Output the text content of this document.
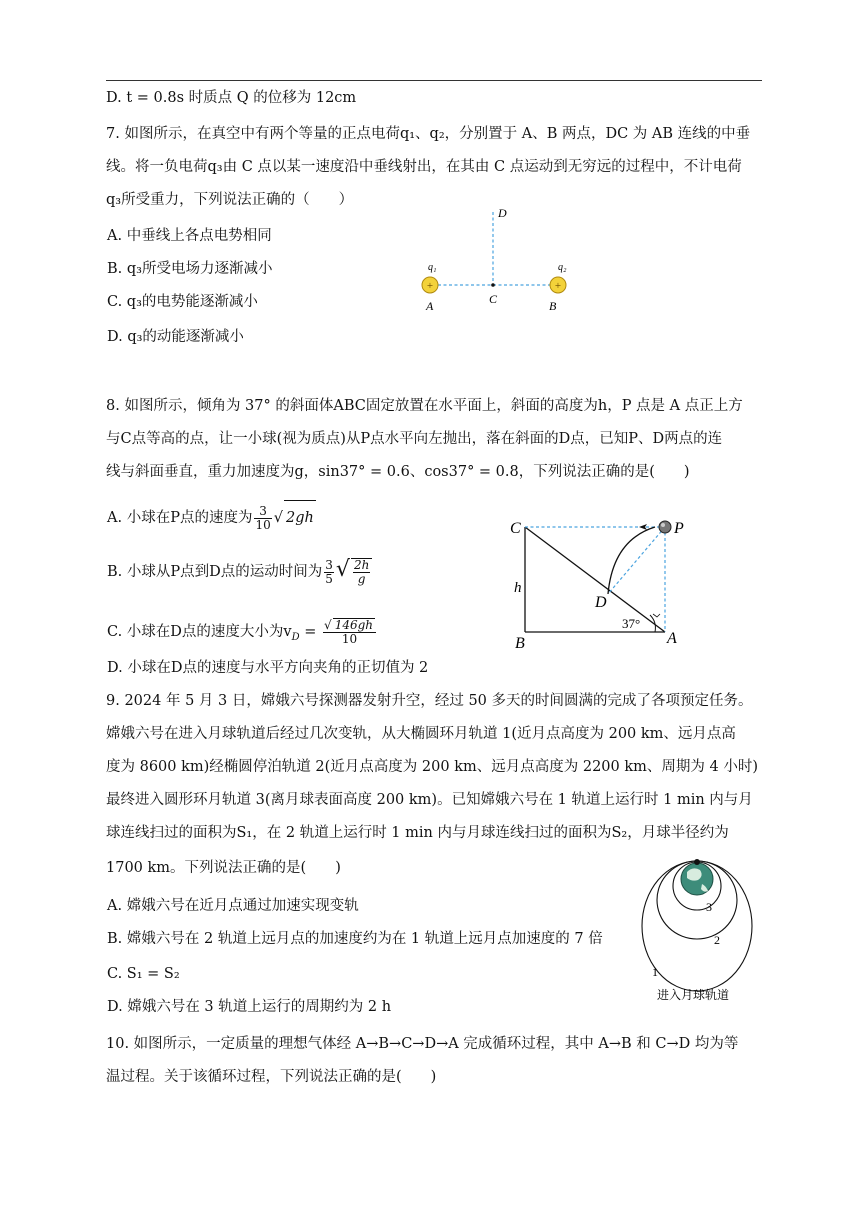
D. t = 0.8s 时质点 Q 的位移为 12cm
7. 如图所示，在真空中有两个等量的正点电荷q₁、q₂，分别置于 A、B 两点，DC 为 AB 连线的中垂
线。将一负电荷q₃由 C 点以某一速度沿中垂线射出，在其由 C 点运动到无穷远的过程中，不计电荷
q₃所受重力，下列说法正确的（　　）
A. 中垂线上各点电势相同
B. q₃所受电场力逐渐减小
C. q₃的电势能逐渐减小
D. q₃的动能逐渐减小
D
q₁	q₂
+	+
A	C	B
8. 如图所示，倾角为 37° 的斜面体ABC固定放置在水平面上，斜面的高度为h，P 点是 A 点正上方
与C点等高的点，让一小球(视为质点)从P点水平向左抛出，落在斜面的D点，已知P、D两点的连
线与斜面垂直，重力加速度为g，sin37° = 0.6、cos37° = 0.8，下列说法正确的是(　　)
A. 小球在P点的速度为 $\frac{3}{10}$ √ 2gh
B. 小球从P点到D点的运动时间为 $\frac{3}{5}$ √ $\frac{2h}{g}$
C. 小球在D点的速度大小为$v_D$ = √ $\frac{146gh}{10}$
D. 小球在D点的速度与水平方向夹角的正切值为 2
C	P
h
D
B	A
37°
9. 2024 年 5 月 3 日，嫦娥六号探测器发射升空，经过 50 多天的时间圆满的完成了各项预定任务。
嫦娥六号在进入月球轨道后经过几次变轨，从大椭圆环月轨道 1(近月点高度为 200 km、远月点高
度为 8600 km)经椭圆停泊轨道 2(近月点高度为 200 km、远月点高度为 2200 km、周期为 4 小时)
最终进入圆形环月轨道 3(离月球表面高度 200 km)。已知嫦娥六号在 1 轨道上运行时 1 min 内与月
球连线扫过的面积为S₁，在 2 轨道上运行时 1 min 内与月球连线扫过的面积为S₂，月球半径约为
1700 km。下列说法正确的是(　　)
A. 嫦娥六号在近月点通过加速实现变轨
B. 嫦娥六号在 2 轨道上远月点的加速度约为在 1 轨道上远月点加速度的 7 倍
C. S₁ = S₂
D. 嫦娥六号在 3 轨道上运行的周期约为 2 h
3
2
1
进入月球轨道
10. 如图所示，一定质量的理想气体经 A→B→C→D→A 完成循环过程，其中 A→B 和 C→D 均为等
温过程。关于该循环过程，下列说法正确的是(　　)
